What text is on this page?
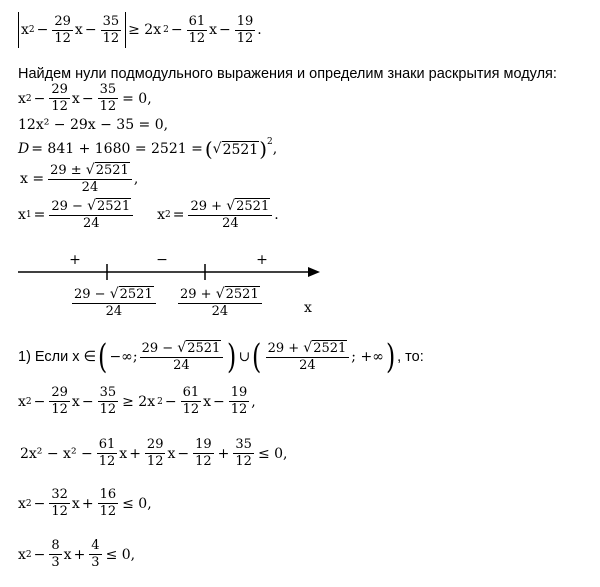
x $2 - \frac{29}{12}$ $x - \frac{35}{12} \ge 2x$ $2 - \frac{61}{12}$ $x - \frac{19}{12}$ .
Найдем нули подмодульного выражения и определим знаки раскрытия модуля:
x $2 - \frac{29}{12}$ $x - \frac{35}{12} = 0$,
12x² − 29x − 35 = 0,
D = 841 + 1680 = 2521 = ( √ 2521 )$^2$ ,
$x = \frac{29 \pm √ 2521}{24}$ ,
x $1 = \frac{29 - √ 2521}{24}$ x $2 = \frac{29 + √ 2521}{24}$ .
+	−	+
$\frac{29 - √ 2521}{24} \frac{29 + √ 2521}{24}$	x
1) Если x ∈ ( −∞; $\frac{29 - √ 2521}{24}$ ) ∪ ( $\frac{29 + √ 2521}{24}$ ; +∞ ) , то:
x $2 - \frac{29}{12}$ $x - \frac{35}{12} \ge 2x$ $2 - \frac{61}{12}$ $x - \frac{19}{12}$ ,
$2x^2 - x^2 - \frac{61}{12}$ $x + \frac{29}{12}$ $x - \frac{19}{12} + \frac{35}{12} \le 0$,
x $2 - \frac{32}{12}$ $x + \frac{16}{12} \le 0$,
x $2 - \frac{8}{3}$ $x + \frac{4}{3} \le 0$,
